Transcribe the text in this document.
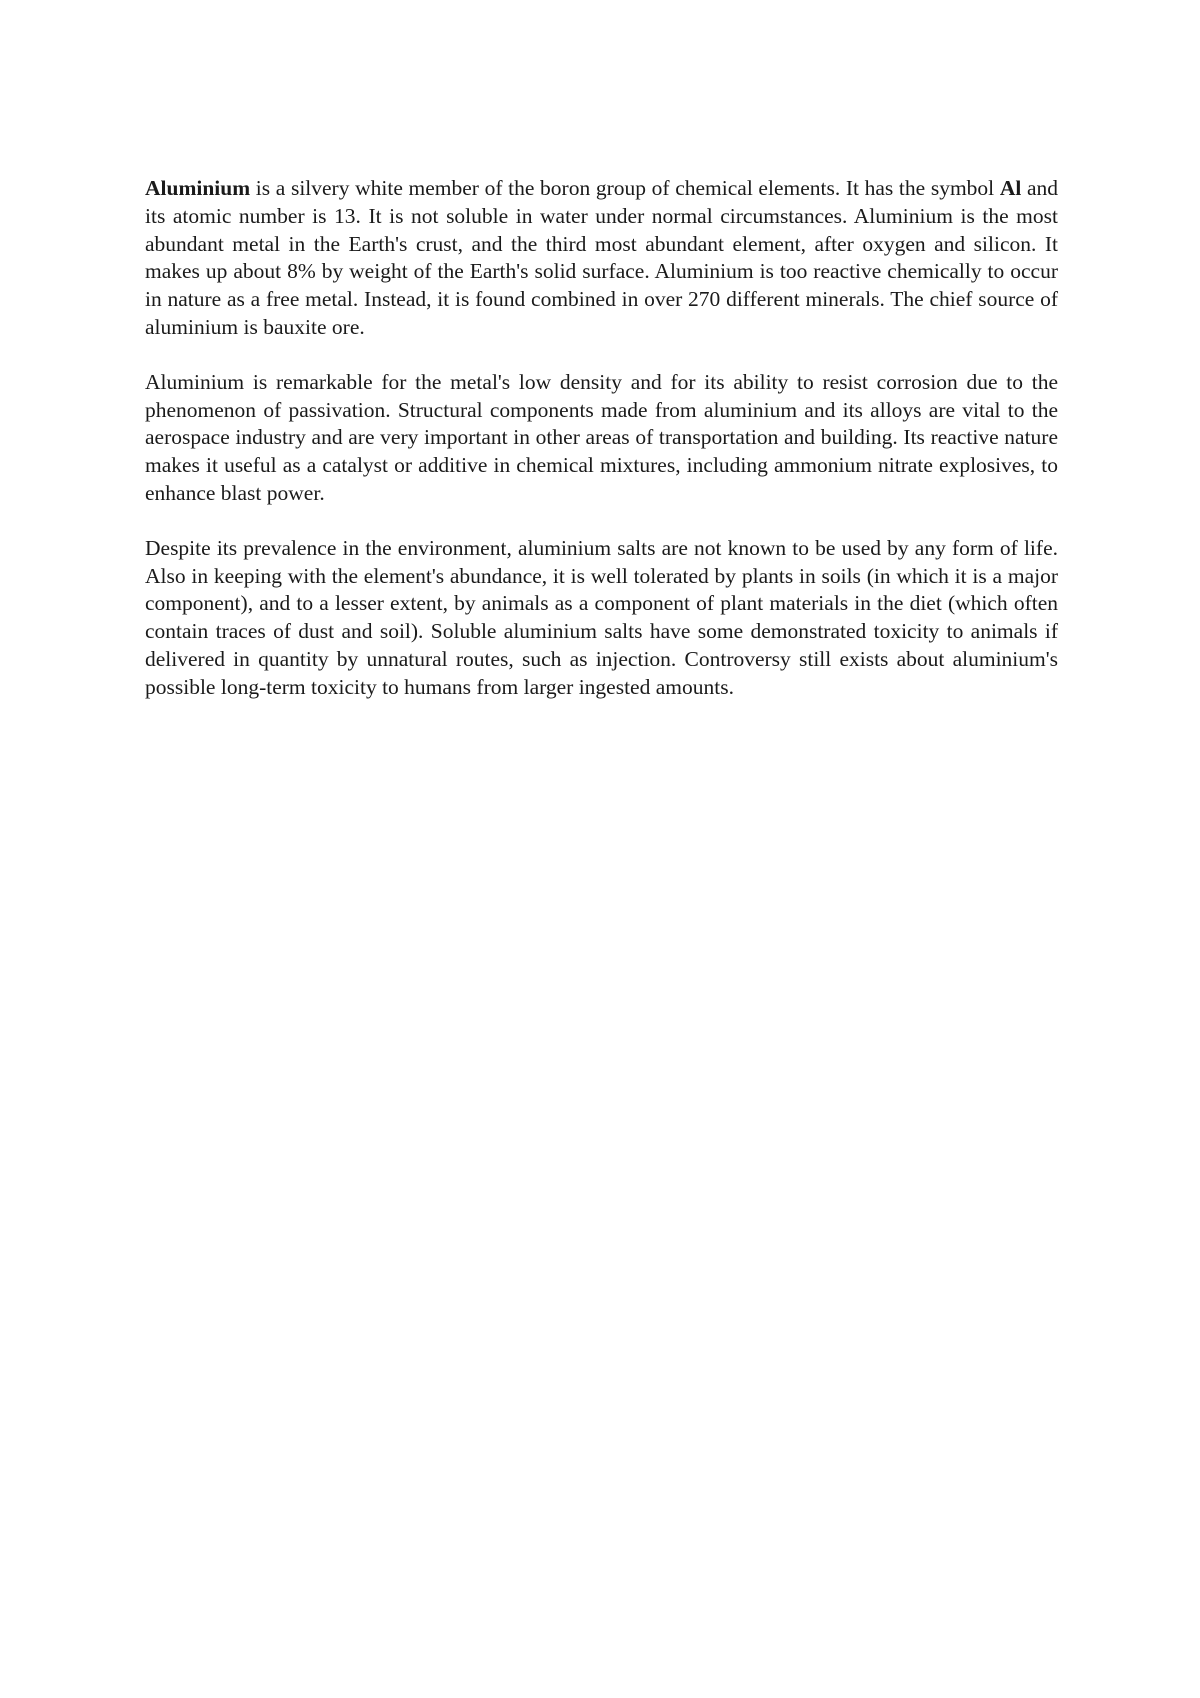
Aluminium is a silvery white member of the boron group of chemical elements. It has the symbol Al and its atomic number is 13. It is not soluble in water under normal circumstances. Aluminium is the most abundant metal in the Earth's crust, and the third most abundant element, after oxygen and silicon. It makes up about 8% by weight of the Earth's solid surface. Aluminium is too reactive chemically to occur in nature as a free metal. Instead, it is found combined in over 270 different minerals. The chief source of aluminium is bauxite ore.

Aluminium is remarkable for the metal's low density and for its ability to resist corrosion due to the phenomenon of passivation. Structural components made from aluminium and its alloys are vital to the aerospace industry and are very important in other areas of transportation and building. Its reactive nature makes it useful as a catalyst or additive in chemical mixtures, including ammonium nitrate explosives, to enhance blast power.

Despite its prevalence in the environment, aluminium salts are not known to be used by any form of life. Also in keeping with the element's abundance, it is well tolerated by plants in soils (in which it is a major component), and to a lesser extent, by animals as a component of plant materials in the diet (which often contain traces of dust and soil). Soluble aluminium salts have some demonstrated toxicity to animals if delivered in quantity by unnatural routes, such as injection. Controversy still exists about aluminium's possible long-term toxicity to humans from larger ingested amounts.
